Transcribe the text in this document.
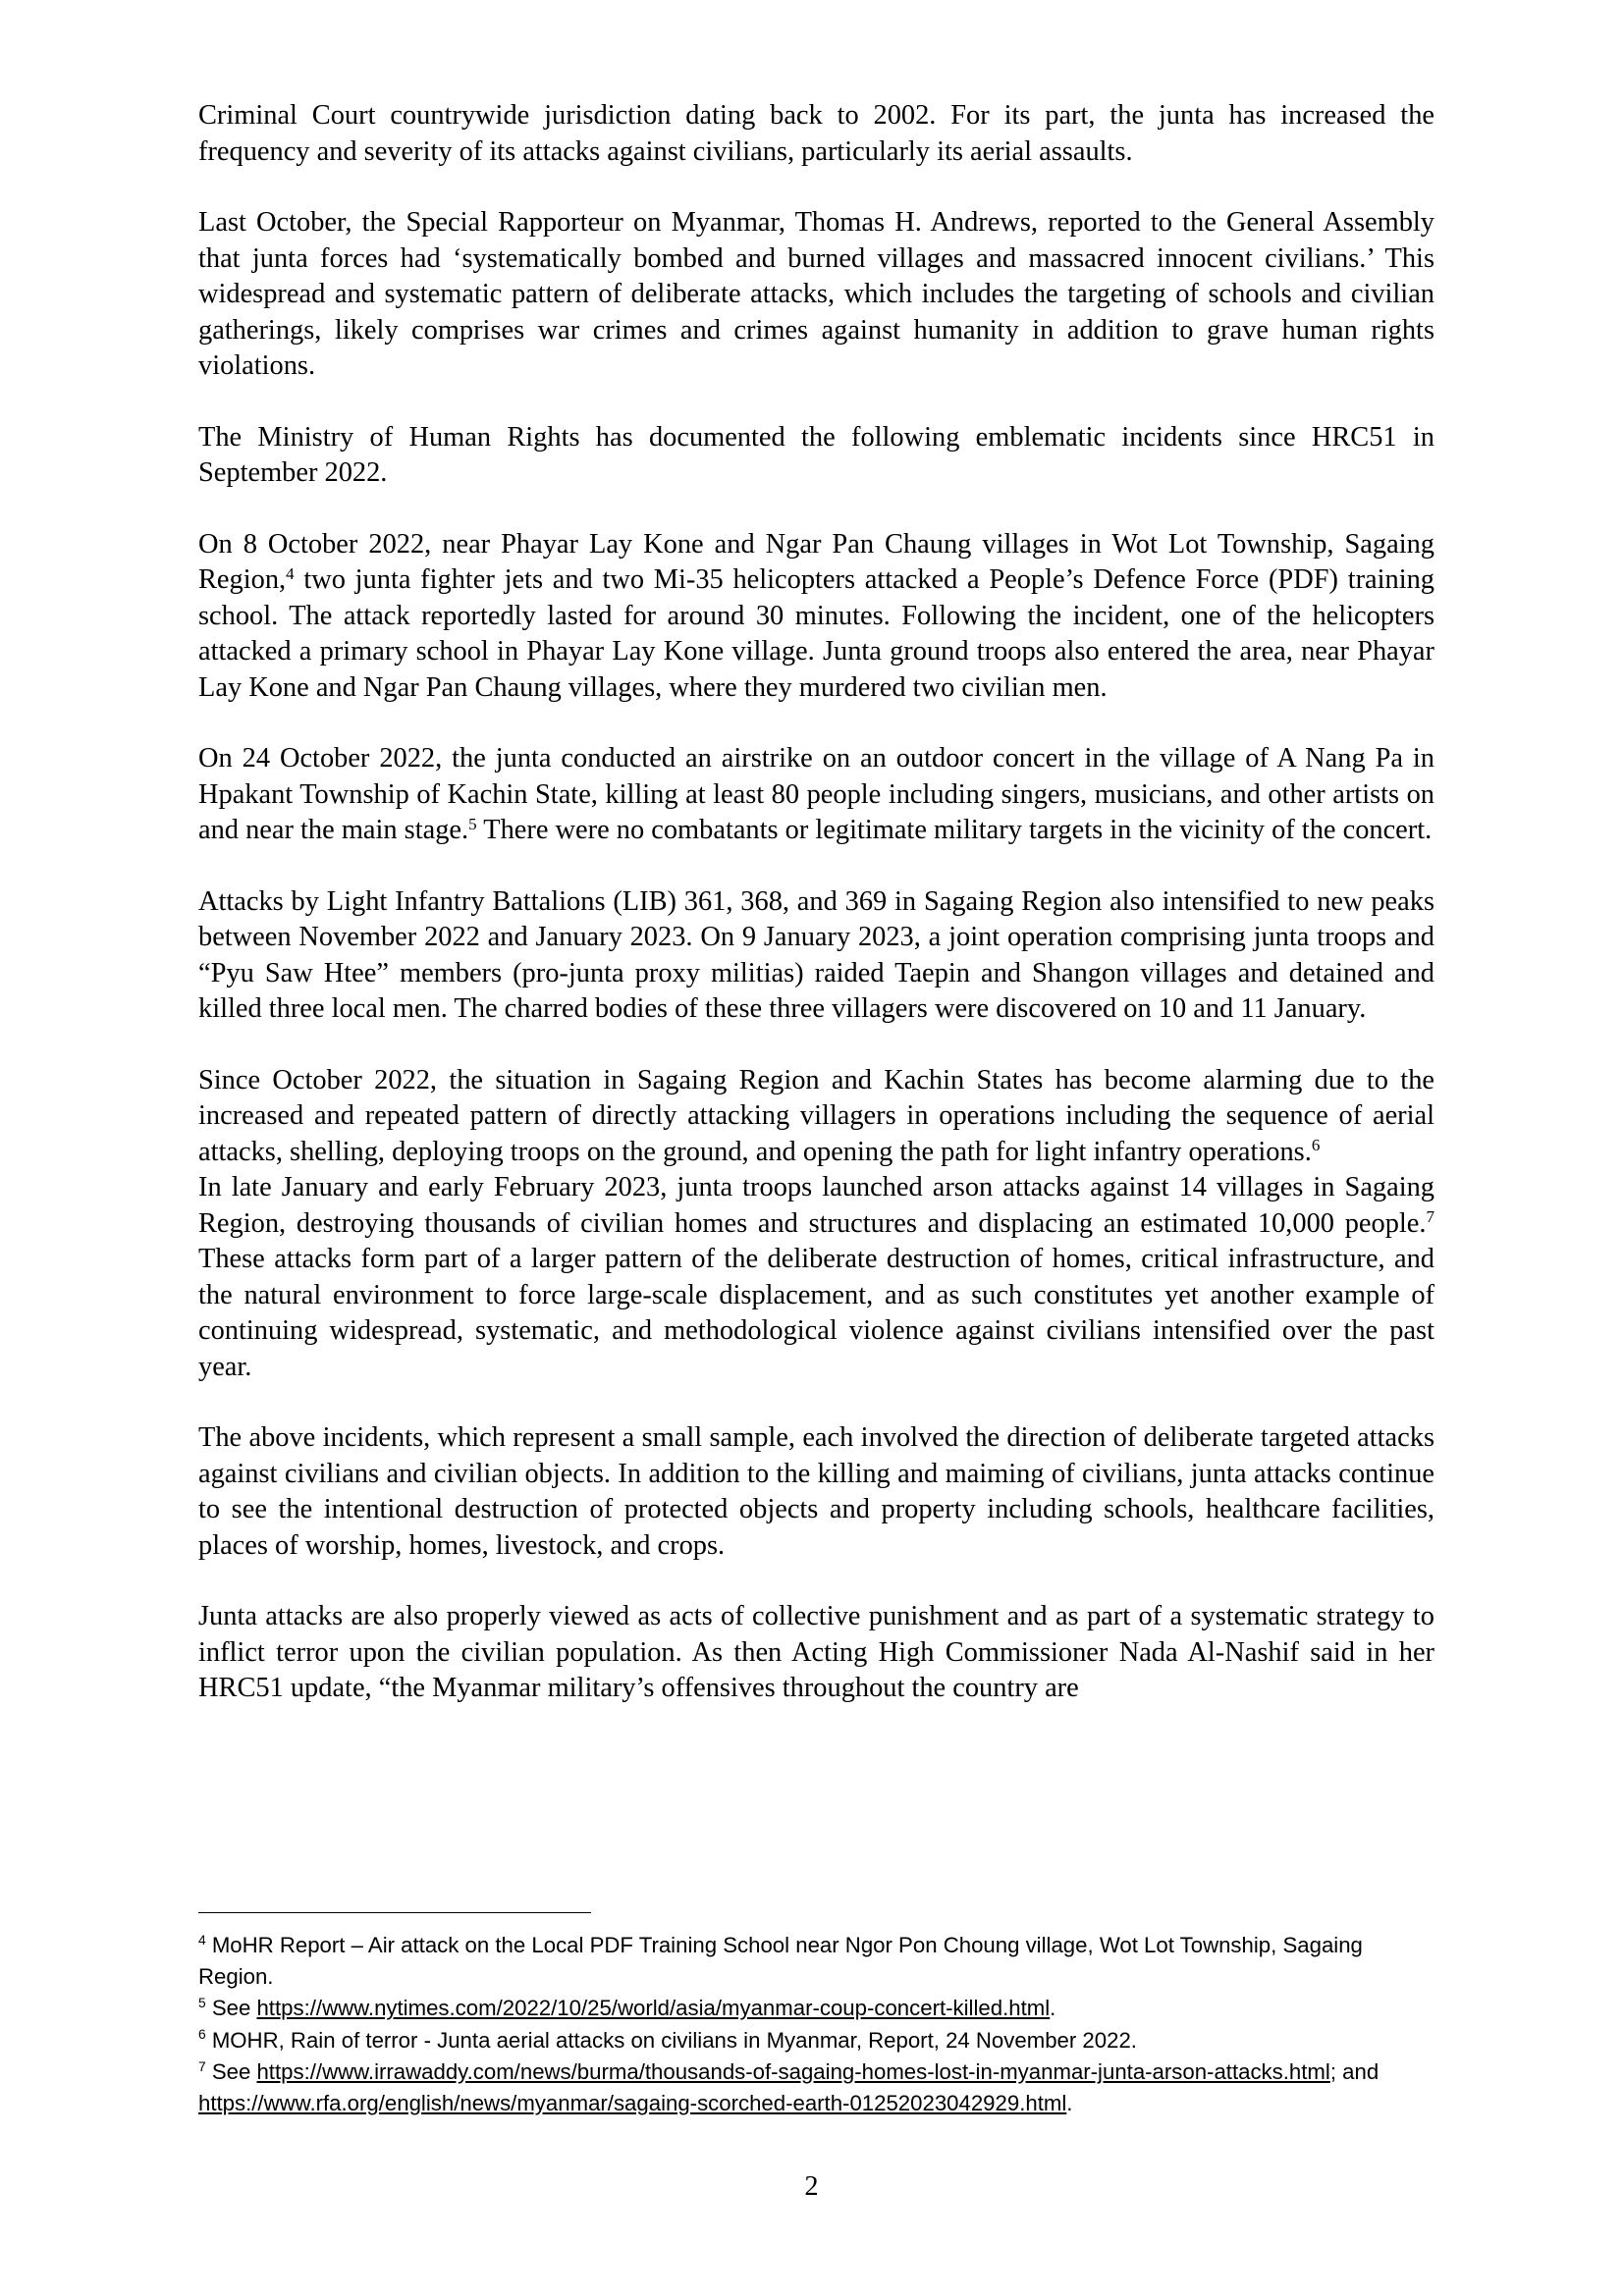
Criminal Court countrywide jurisdiction dating back to 2002. For its part, the junta has increased the frequency and severity of its attacks against civilians, particularly its aerial assaults.

Last October, the Special Rapporteur on Myanmar, Thomas H. Andrews, reported to the General Assembly that junta forces had ‘systematically bombed and burned villages and massacred innocent civilians.’ This widespread and systematic pattern of deliberate attacks, which includes the targeting of schools and civilian gatherings, likely comprises war crimes and crimes against humanity in addition to grave human rights violations.

The Ministry of Human Rights has documented the following emblematic incidents since HRC51 in September 2022.

On 8 October 2022, near Phayar Lay Kone and Ngar Pan Chaung villages in Wot Lot Township, Sagaing Region,$^4$ two junta fighter jets and two Mi-35 helicopters attacked a People’s Defence Force (PDF) training school. The attack reportedly lasted for around 30 minutes. Following the incident, one of the helicopters attacked a primary school in Phayar Lay Kone village. Junta ground troops also entered the area, near Phayar Lay Kone and Ngar Pan Chaung villages, where they murdered two civilian men.

On 24 October 2022, the junta conducted an airstrike on an outdoor concert in the village of A Nang Pa in Hpakant Township of Kachin State, killing at least 80 people including singers, musicians, and other artists on and near the main stage.$^5$ There were no combatants or legitimate military targets in the vicinity of the concert.

Attacks by Light Infantry Battalions (LIB) 361, 368, and 369 in Sagaing Region also intensified to new peaks between November 2022 and January 2023. On 9 January 2023, a joint operation comprising junta troops and “Pyu Saw Htee” members (pro-junta proxy militias) raided Taepin and Shangon villages and detained and killed three local men. The charred bodies of these three villagers were discovered on 10 and 11 January.

Since October 2022, the situation in Sagaing Region and Kachin States has become alarming due to the increased and repeated pattern of directly attacking villagers in operations including the sequence of aerial attacks, shelling, deploying troops on the ground, and opening the path for light infantry operations.$^6$

In late January and early February 2023, junta troops launched arson attacks against 14 villages in Sagaing Region, destroying thousands of civilian homes and structures and displacing an estimated 10,000 people.$^7$ These attacks form part of a larger pattern of the deliberate destruction of homes, critical infrastructure, and the natural environment to force large-scale displacement, and as such constitutes yet another example of continuing widespread, systematic, and methodological violence against civilians intensified over the past year.

The above incidents, which represent a small sample, each involved the direction of deliberate targeted attacks against civilians and civilian objects. In addition to the killing and maiming of civilians, junta attacks continue to see the intentional destruction of protected objects and property including schools, healthcare facilities, places of worship, homes, livestock, and crops.

Junta attacks are also properly viewed as acts of collective punishment and as part of a systematic strategy to inflict terror upon the civilian population. As then Acting High Commissioner Nada Al-Nashif said in her HRC51 update, “the Myanmar military’s offensives throughout the country are

$^4$ MoHR Report – Air attack on the Local PDF Training School near Ngor Pon Choung village, Wot Lot Township, Sagaing Region.

$^5$ See https://www.nytimes.com/2022/10/25/world/asia/myanmar-coup-concert-killed.html.

$^6$ MOHR, Rain of terror - Junta aerial attacks on civilians in Myanmar, Report, 24 November 2022.

$^7$ See https://www.irrawaddy.com/news/burma/thousands-of-sagaing-homes-lost-in-myanmar-junta-arson-attacks.html; and https://www.rfa.org/english/news/myanmar/sagaing-scorched-earth-01252023042929.html.

2
